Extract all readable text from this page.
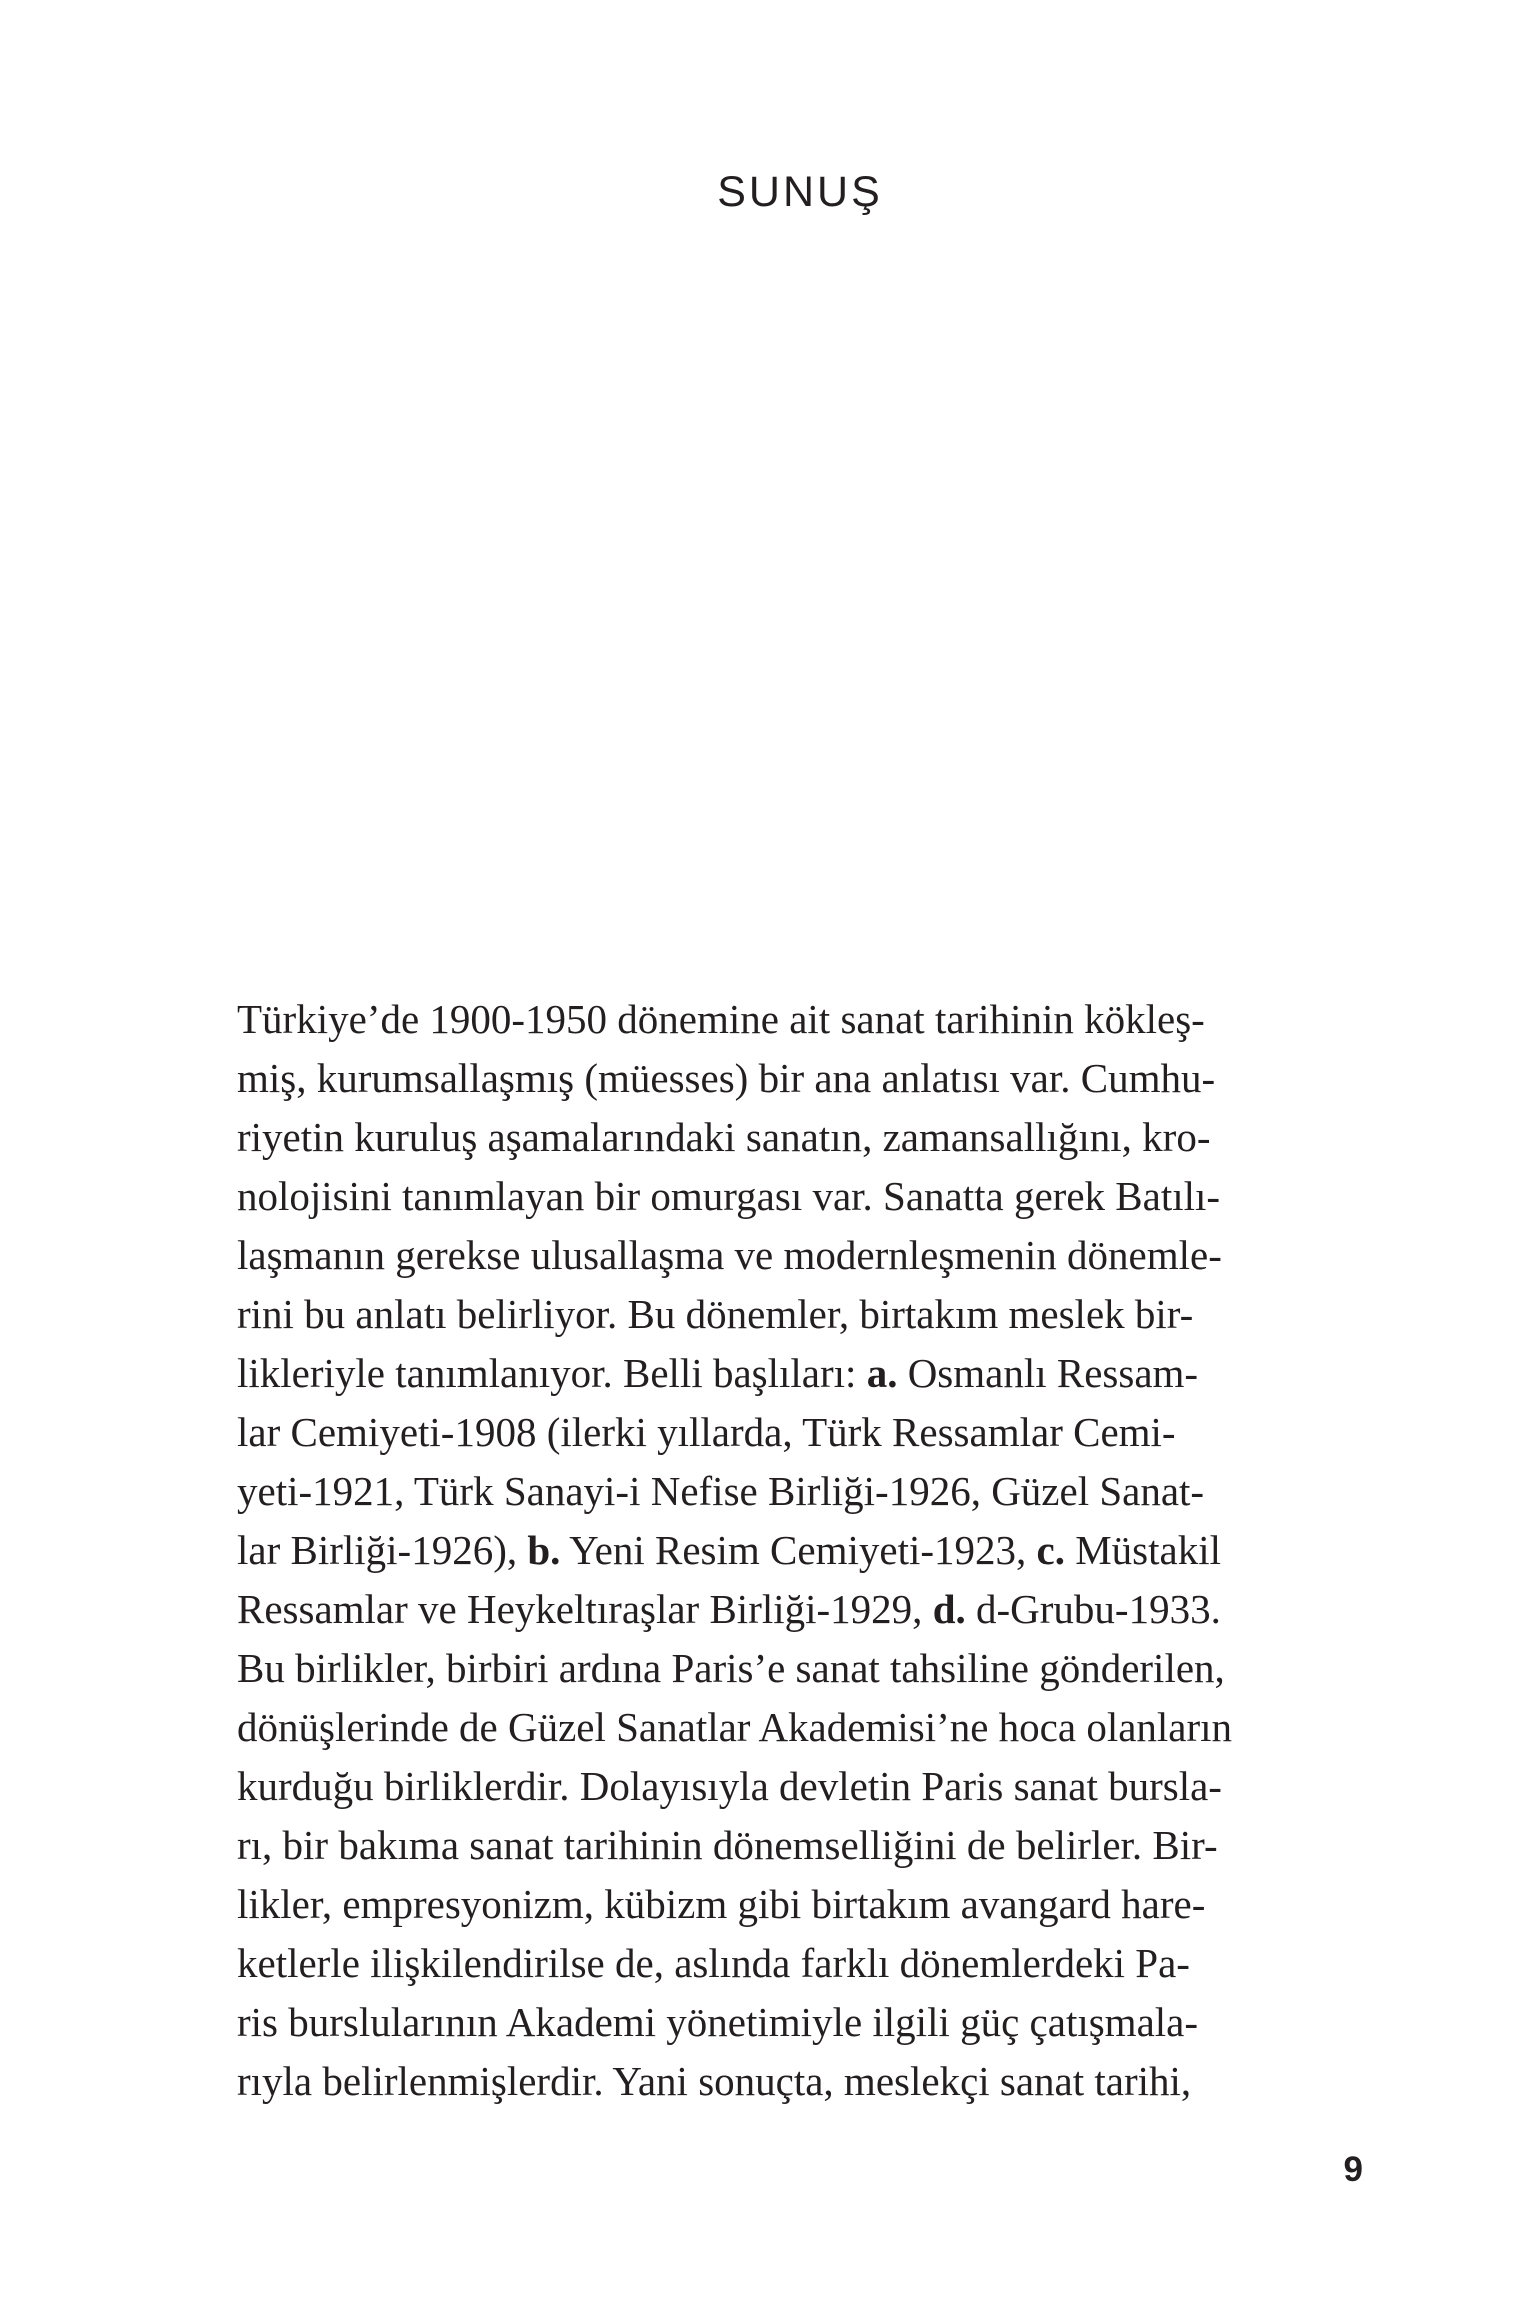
SUNUŞ
Türkiye’de 1900-1950 dönemine ait sanat tarihinin kökleş-
miş, kurumsallaşmış (müesses) bir ana anlatısı var. Cumhu-
riyetin kuruluş aşamalarındaki sanatın, zamansallığını, kro-
nolojisini tanımlayan bir omurgası var. Sanatta gerek Batılı-
laşmanın gerekse ulusallaşma ve modernleşmenin dönemle-
rini bu anlatı belirliyor. Bu dönemler, birtakım meslek bir-
likleriyle tanımlanıyor. Belli başlıları: a. Osmanlı Ressam-
lar Cemiyeti-1908 (ilerki yıllarda, Türk Ressamlar Cemi-
yeti-1921, Türk Sanayi-i Nefise Birliği-1926, Güzel Sanat-
lar Birliği-1926), b. Yeni Resim Cemiyeti-1923, c. Müstakil
Ressamlar ve Heykeltıraşlar Birliği-1929, d. d-Grubu-1933.
Bu birlikler, birbiri ardına Paris’e sanat tahsiline gönderilen,
dönüşlerinde de Güzel Sanatlar Akademisi’ne hoca olanların
kurduğu birliklerdir. Dolayısıyla devletin Paris sanat bursla-
rı, bir bakıma sanat tarihinin dönemselliğini de belirler. Bir-
likler, empresyonizm, kübizm gibi birtakım avangard hare-
ketlerle ilişkilendirilse de, aslında farklı dönemlerdeki Pa-
ris burslularının Akademi yönetimiyle ilgili güç çatışmala-
rıyla belirlenmişlerdir. Yani sonuçta, meslekçi sanat tarihi,
9
